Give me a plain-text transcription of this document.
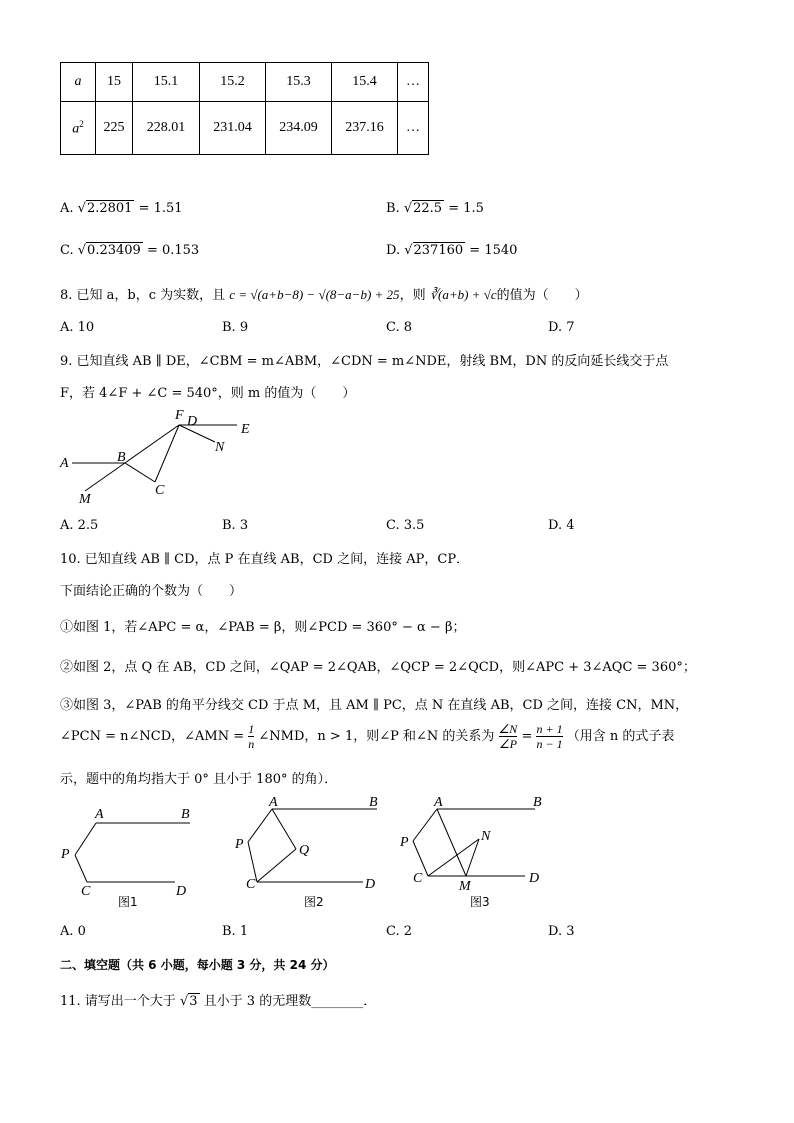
a	15	15.1	15.2	15.3	15.4	…
$a^2$	225	228.01	231.04	234.09	237.16	…
A. √2.2801 = 1.51	B. √22.5 = 1.5
C. √0.23409 = 0.153	D. √237160 = 1540
8. 已知 a，b，c 为实数，且 c = √(a+b−8) − √(8−a−b) + 25，则 ∛(a+b) + √c的值为（　　）
A. 10	B. 9	C. 8	D. 7
9. 已知直线 AB ∥ DE，∠CBM = m∠ABM，∠CDN = m∠NDE，射线 BM，DN 的反向延长线交于点
F，若 4∠F + ∠C = 540°，则 m 的值为（　　）
A	B
C
D
E
F
M
N
A. 2.5	B. 3	C. 3.5	D. 4
10. 已知直线 AB ∥ CD，点 P 在直线 AB，CD 之间，连接 AP，CP．
下面结论正确的个数为（　　）
①如图 1，若∠APC = α，∠PAB = β，则∠PCD = 360° − α − β；
②如图 2，点 Q 在 AB，CD 之间，∠QAP = 2∠QAB，∠QCP = 2∠QCD，则∠APC + 3∠AQC = 360°；
③如图 3，∠PAB 的角平分线交 CD 于点 M，且 AM ∥ PC，点 N 在直线 AB，CD 之间，连接 CN，MN，
∠PCN = n∠NCD，∠AMN = $\frac{1}{n}$ ∠NMD，n > 1，则∠P 和∠N 的关系为 $\frac{\angle N}{\angle P} = \frac{n + 1}{n - 1}$ （用含 n 的式子表
示，题中的角均指大于 0° 且小于 180° 的角）．
A	B
P
C	D
图1
A	B
P	Q
C	D
图2
A	B
P	N
C
M
D
图3
A. 0	B. 1	C. 2	D. 3
二、填空题（共 6 小题，每小题 3 分，共 24 分）
11. 请写出一个大于 √3 且小于 3 的无理数________．
